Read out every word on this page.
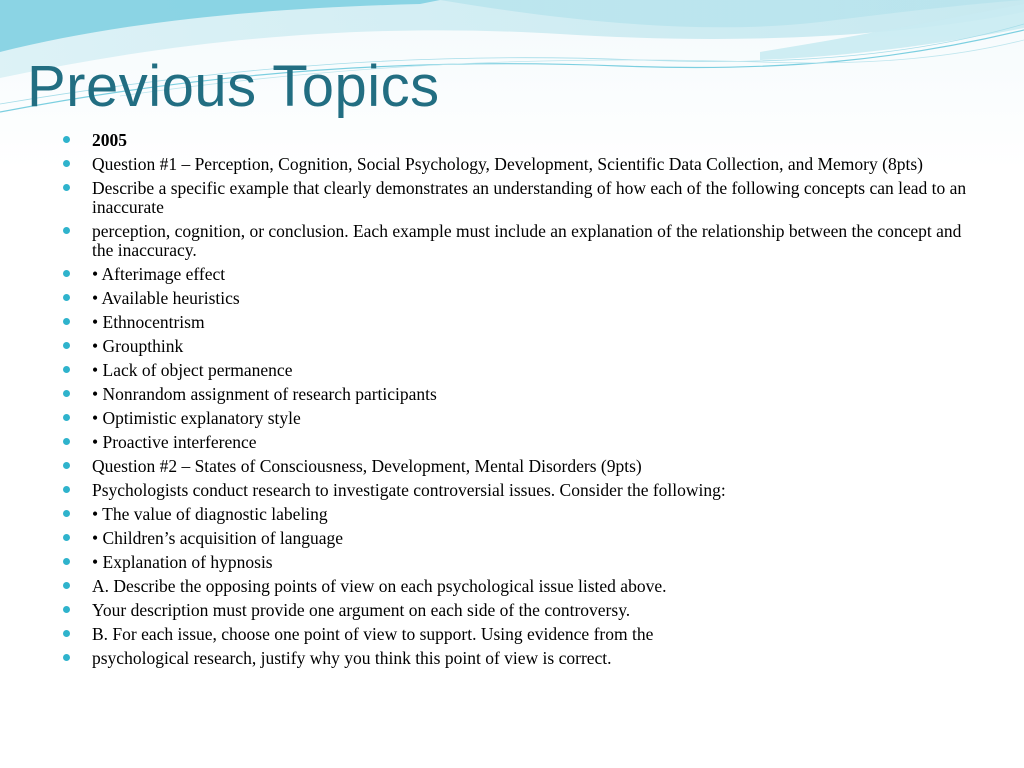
Previous Topics
2005
Question #1 – Perception, Cognition, Social Psychology, Development, Scientific Data Collection, and Memory (8pts)
Describe a specific example that clearly demonstrates an understanding of how each of the following concepts can lead to an inaccurate
perception, cognition, or conclusion. Each example must include an explanation of the relationship between the concept and the inaccuracy.
• Afterimage effect
• Available heuristics
• Ethnocentrism
• Groupthink
• Lack of object permanence
• Nonrandom assignment of research participants
• Optimistic explanatory style
• Proactive interference
Question #2 – States of Consciousness, Development, Mental Disorders (9pts)
Psychologists conduct research to investigate controversial issues. Consider the following:
• The value of diagnostic labeling
• Children’s acquisition of language
• Explanation of hypnosis
A. Describe the opposing points of view on each psychological issue listed above.
Your description must provide one argument on each side of the controversy.
B. For each issue, choose one point of view to support. Using evidence from the
psychological research, justify why you think this point of view is correct.
